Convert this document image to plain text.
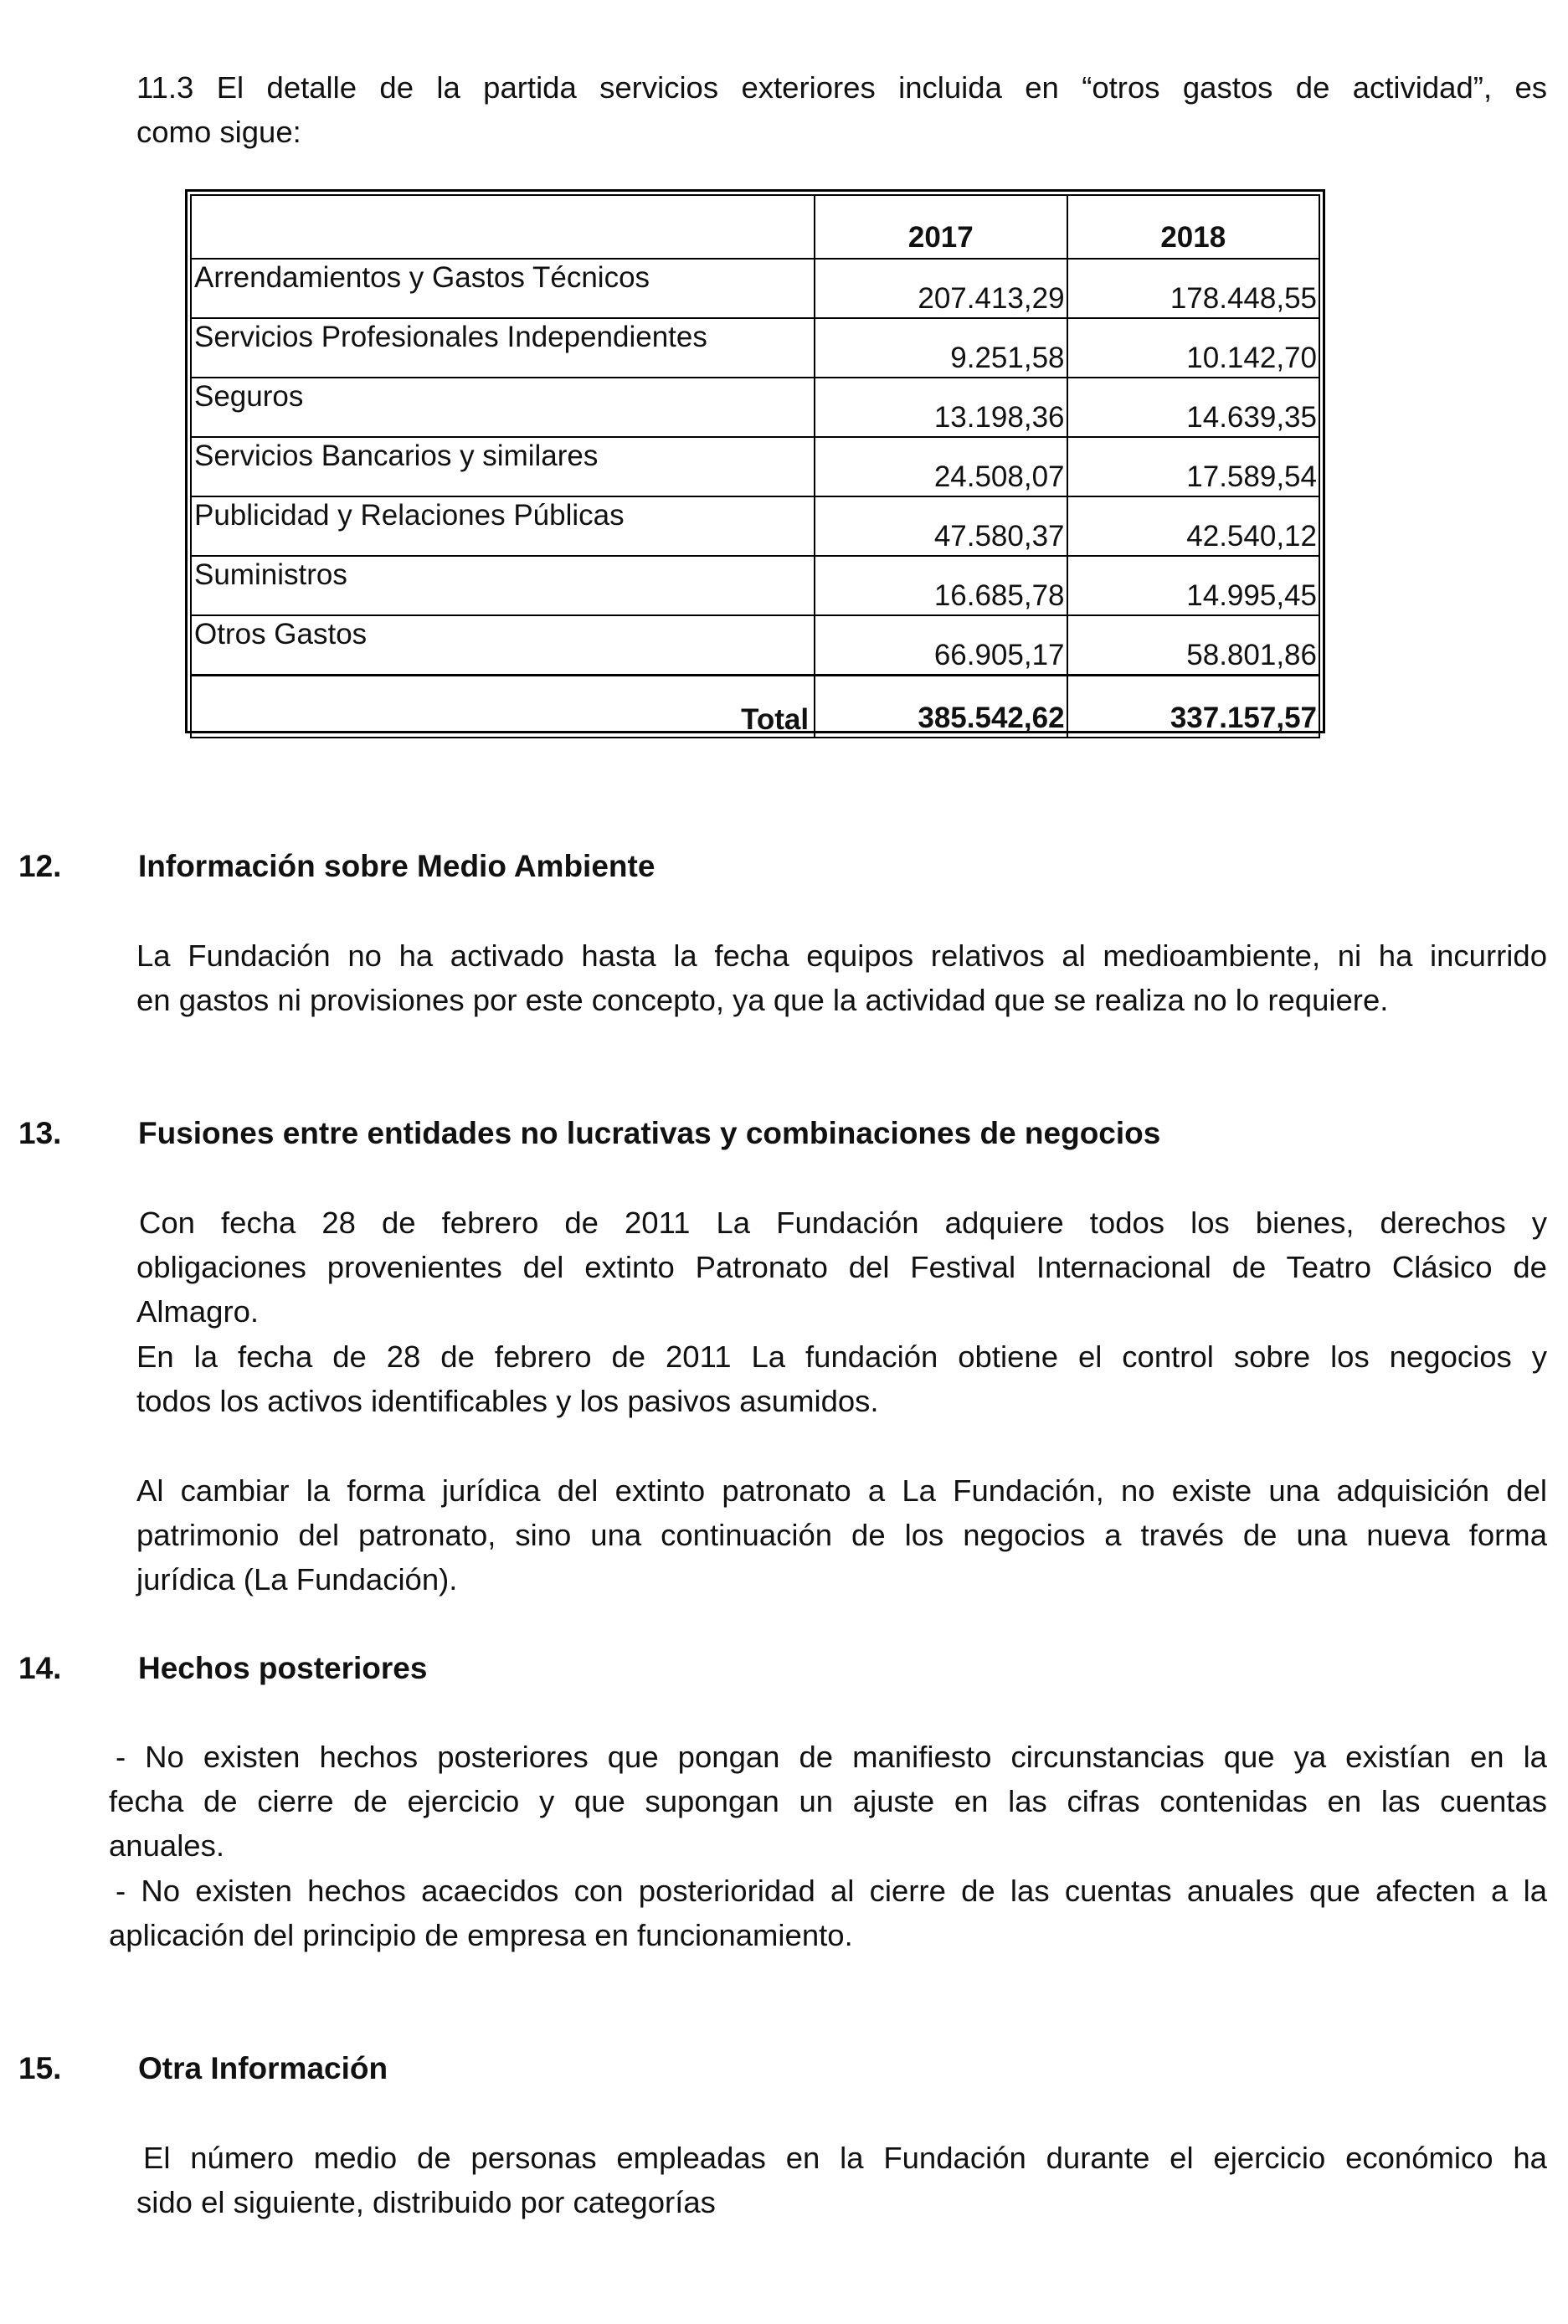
11.3 El detalle de la partida servicios exteriores incluida en “otros gastos de actividad”, es
como sigue:

	2017	2018
Arrendamientos y Gastos Técnicos	207.413,29	178.448,55
Servicios Profesionales Independientes	9.251,58	10.142,70
Seguros	13.198,36	14.639,35
Servicios Bancarios y similares	24.508,07	17.589,54
Publicidad y Relaciones Públicas	47.580,37	42.540,12
Suministros	16.685,78	14.995,45
Otros Gastos	66.905,17	58.801,86
Total	385.542,62	337.157,57
12. Información sobre Medio Ambiente

La Fundación no ha activado hasta la fecha equipos relativos al medioambiente, ni ha incurrido
en gastos ni provisiones por este concepto, ya que la actividad que se realiza no lo requiere.

13. Fusiones entre entidades no lucrativas y combinaciones de negocios

Con fecha 28 de febrero de 2011 La Fundación adquiere todos los bienes, derechos y
obligaciones provenientes del extinto Patronato del Festival Internacional de Teatro Clásico de
Almagro.

En la fecha de 28 de febrero de 2011 La fundación obtiene el control sobre los negocios y
todos los activos identificables y los pasivos asumidos.

Al cambiar la forma jurídica del extinto patronato a La Fundación, no existe una adquisición del
patrimonio del patronato, sino una continuación de los negocios a través de una nueva forma
jurídica (La Fundación).

14. Hechos posteriores

- No existen hechos posteriores que pongan de manifiesto circunstancias que ya existían en la
fecha de cierre de ejercicio y que supongan un ajuste en las cifras contenidas en las cuentas
anuales.

- No existen hechos acaecidos con posterioridad al cierre de las cuentas anuales que afecten a la
aplicación del principio de empresa en funcionamiento.

15. Otra Información

El número medio de personas empleadas en la Fundación durante el ejercicio económico ha
sido el siguiente, distribuido por categorías
